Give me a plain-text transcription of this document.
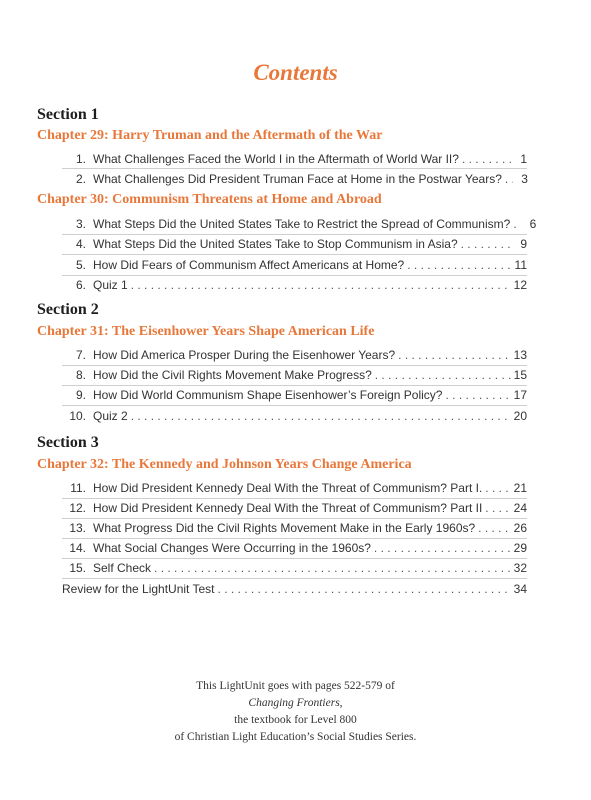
Contents
Section 1
Chapter 29: Harry Truman and the Aftermath of the War
1. What Challenges Faced the World I in the Aftermath of World War II? . . .	1
2. What Challenges Did President Truman Face at Home in the Postwar Years? . . .	3
Chapter 30: Communism Threatens at Home and Abroad
3. What Steps Did the United States Take to Restrict the Spread of Communism? . . .	6
4. What Steps Did the United States Take to Stop Communism in Asia? . . .	9
5. How Did Fears of Communism Affect Americans at Home? . . .	11
6. Quiz 1 . . .	12
Section 2
Chapter 31: The Eisenhower Years Shape American Life
7. How Did America Prosper During the Eisenhower Years? . . .	13
8. How Did the Civil Rights Movement Make Progress? . . .	15
9. How Did World Communism Shape Eisenhower’s Foreign Policy? . . .	17
10. Quiz 2 . . .	20
Section 3
Chapter 32: The Kennedy and Johnson Years Change America
11. How Did President Kennedy Deal With the Threat of Communism? Part I. . . .	21
12. How Did President Kennedy Deal With the Threat of Communism? Part II . . .	24
13. What Progress Did the Civil Rights Movement Make in the Early 1960s? . . .	26
14. What Social Changes Were Occurring in the 1960s? . . .	29
15. Self Check . . .	32
Review for the LightUnit Test . . .	34
This LightUnit goes with pages 522-579 of
Changing Frontiers,
the textbook for Level 800
of Christian Light Education’s Social Studies Series.
